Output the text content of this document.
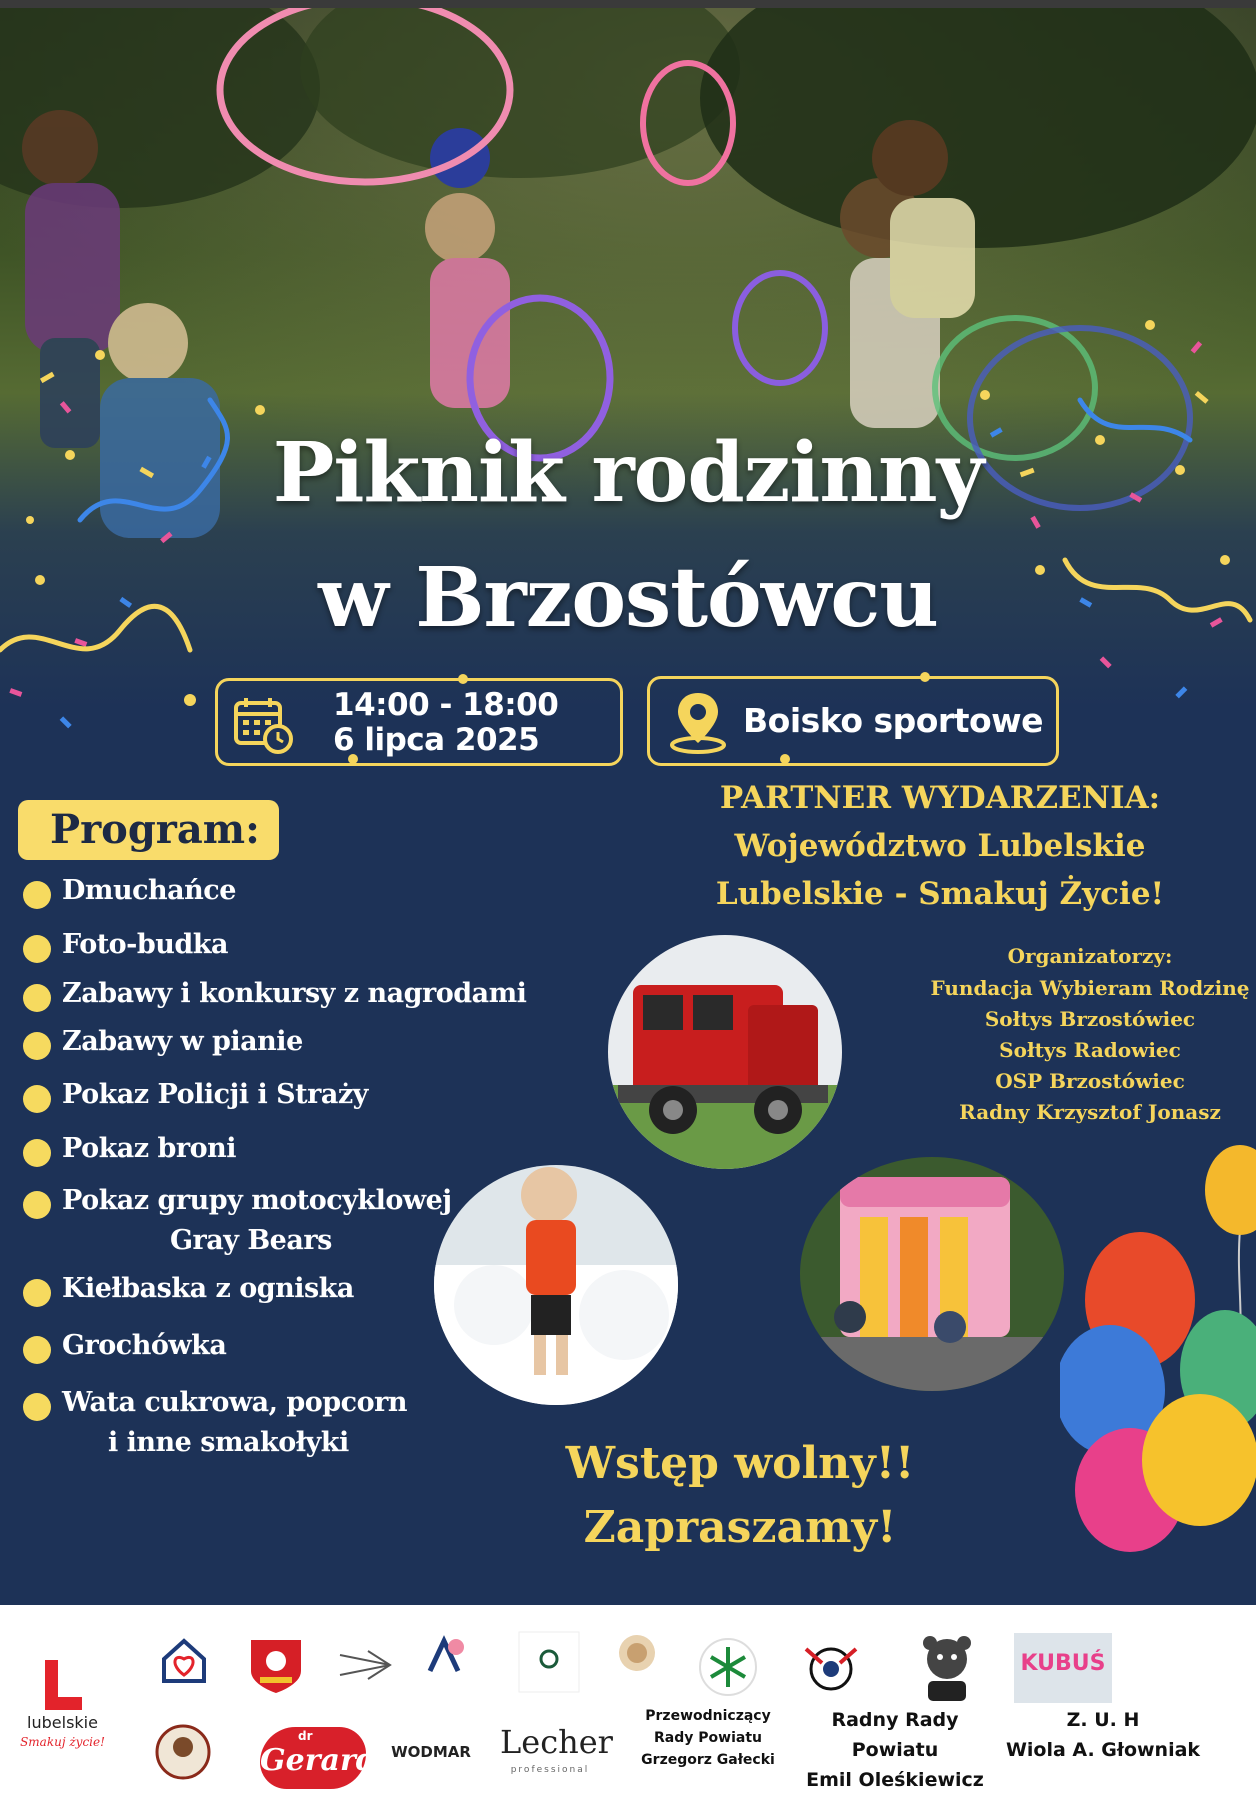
Piknik rodzinny
w Brzostówcu
14:00 - 18:00
6 lipca 2025	Boisko sportowe
Program:
Dmuchańce
Foto-budka
Zabawy i konkursy z nagrodami
Zabawy w pianie
Pokaz Policji i Straży
Pokaz broni
Pokaz grupy motocyklowej
Gray Bears
Kiełbaska z ogniska
Grochówka
Wata cukrowa, popcorn
i inne smakołyki
PARTNER WYDARZENIA:
Województwo Lubelskie
Lubelskie - Smakuj Życie!
Organizatorzy:
Fundacja Wybieram Rodzinę
Sołtys Brzostówiec
Sołtys Radowiec
OSP Brzostówiec
Radny Krzysztof Jonasz
Wstęp wolny!!
Zapraszamy!
lubelskie
Smakuj życie!
KUBUŚ
dr
Gerard WODMAR Lecher
professional
Przewodniczący
Rady Powiatu
Grzegorz Gałecki
Radny Rady Powiatu
Emil Oleśkiewicz
Z. U. H
Wiola A. Głowniak
